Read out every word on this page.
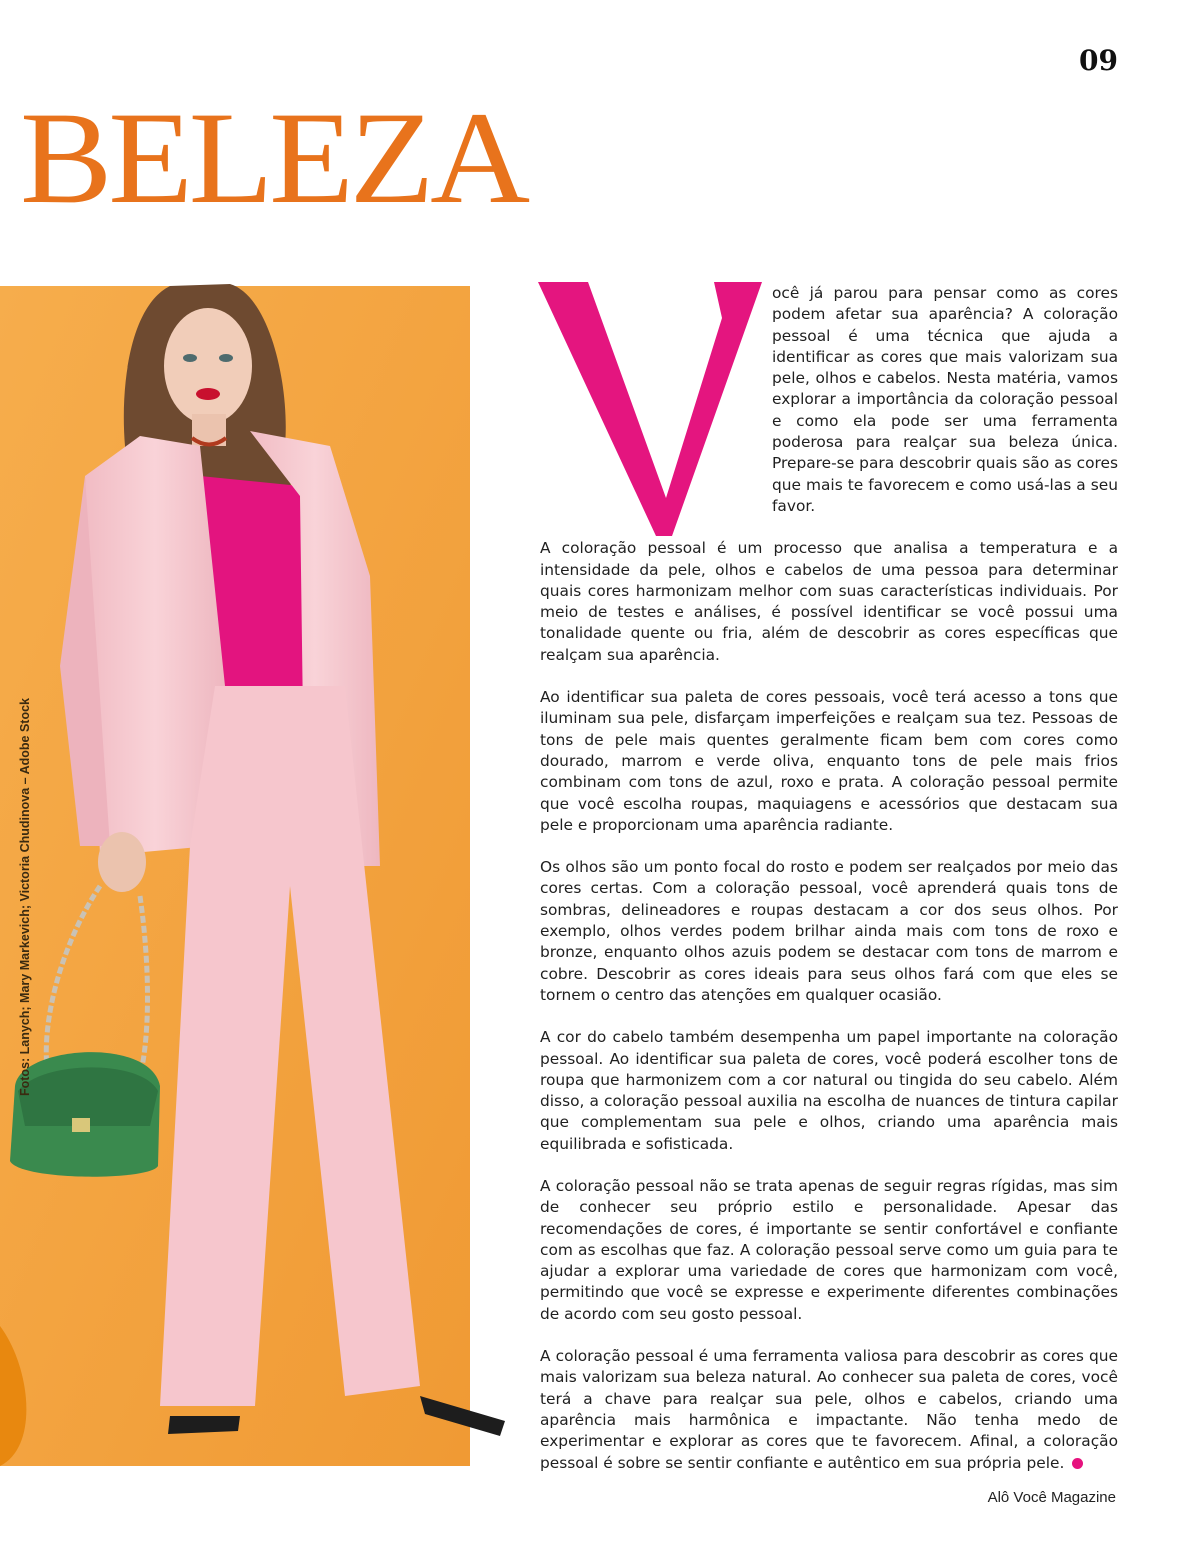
09
BELEZA
Fotos: Lanych; Mary Markevich; Victoria Chudinova – Adobe Stock

ocê já parou para pensar como as cores podem afetar sua aparência? A coloração pessoal é uma técnica que ajuda a identificar as cores que mais valorizam sua pele, olhos e cabelos. Nesta matéria, vamos explorar a importância da coloração pessoal e como ela pode ser uma ferramenta poderosa para realçar sua beleza única. Prepare-se para descobrir quais são as cores que mais te favorecem e como usá-las a seu favor.

A coloração pessoal é um processo que analisa a temperatura e a intensidade da pele, olhos e cabelos de uma pessoa para determinar quais cores harmonizam melhor com suas características individuais. Por meio de testes e análises, é possível identificar se você possui uma tonalidade quente ou fria, além de descobrir as cores específicas que realçam sua aparência.

Ao identificar sua paleta de cores pessoais, você terá acesso a tons que iluminam sua pele, disfarçam imperfeições e realçam sua tez. Pessoas de tons de pele mais quentes geralmente ficam bem com cores como dourado, marrom e verde oliva, enquanto tons de pele mais frios combinam com tons de azul, roxo e prata. A coloração pessoal permite que você escolha roupas, maquiagens e acessórios que destacam sua pele e proporcionam uma aparência radiante.

Os olhos são um ponto focal do rosto e podem ser realçados por meio das cores certas. Com a coloração pessoal, você aprenderá quais tons de sombras, delineadores e roupas destacam a cor dos seus olhos. Por exemplo, olhos verdes podem brilhar ainda mais com tons de roxo e bronze, enquanto olhos azuis podem se destacar com tons de marrom e cobre. Descobrir as cores ideais para seus olhos fará com que eles se tornem o centro das atenções em qualquer ocasião.

A cor do cabelo também desempenha um papel importante na coloração pessoal. Ao identificar sua paleta de cores, você poderá escolher tons de roupa que harmonizem com a cor natural ou tingida do seu cabelo. Além disso, a coloração pessoal auxilia na escolha de nuances de tintura capilar que complementam sua pele e olhos, criando uma aparência mais equilibrada e sofisticada.

A coloração pessoal não se trata apenas de seguir regras rígidas, mas sim de conhecer seu próprio estilo e personalidade. Apesar das recomendações de cores, é importante se sentir confortável e confiante com as escolhas que faz. A coloração pessoal serve como um guia para te ajudar a explorar uma variedade de cores que harmonizam com você, permitindo que você se expresse e experimente diferentes combinações de acordo com seu gosto pessoal.

A coloração pessoal é uma ferramenta valiosa para descobrir as cores que mais valorizam sua beleza natural. Ao conhecer sua paleta de cores, você terá a chave para realçar sua pele, olhos e cabelos, criando uma aparência mais harmônica e impactante. Não tenha medo de experimentar e explorar as cores que te favorecem. Afinal, a coloração pessoal é sobre se sentir confiante e autêntico em sua própria pele.

Alô Você Magazine
